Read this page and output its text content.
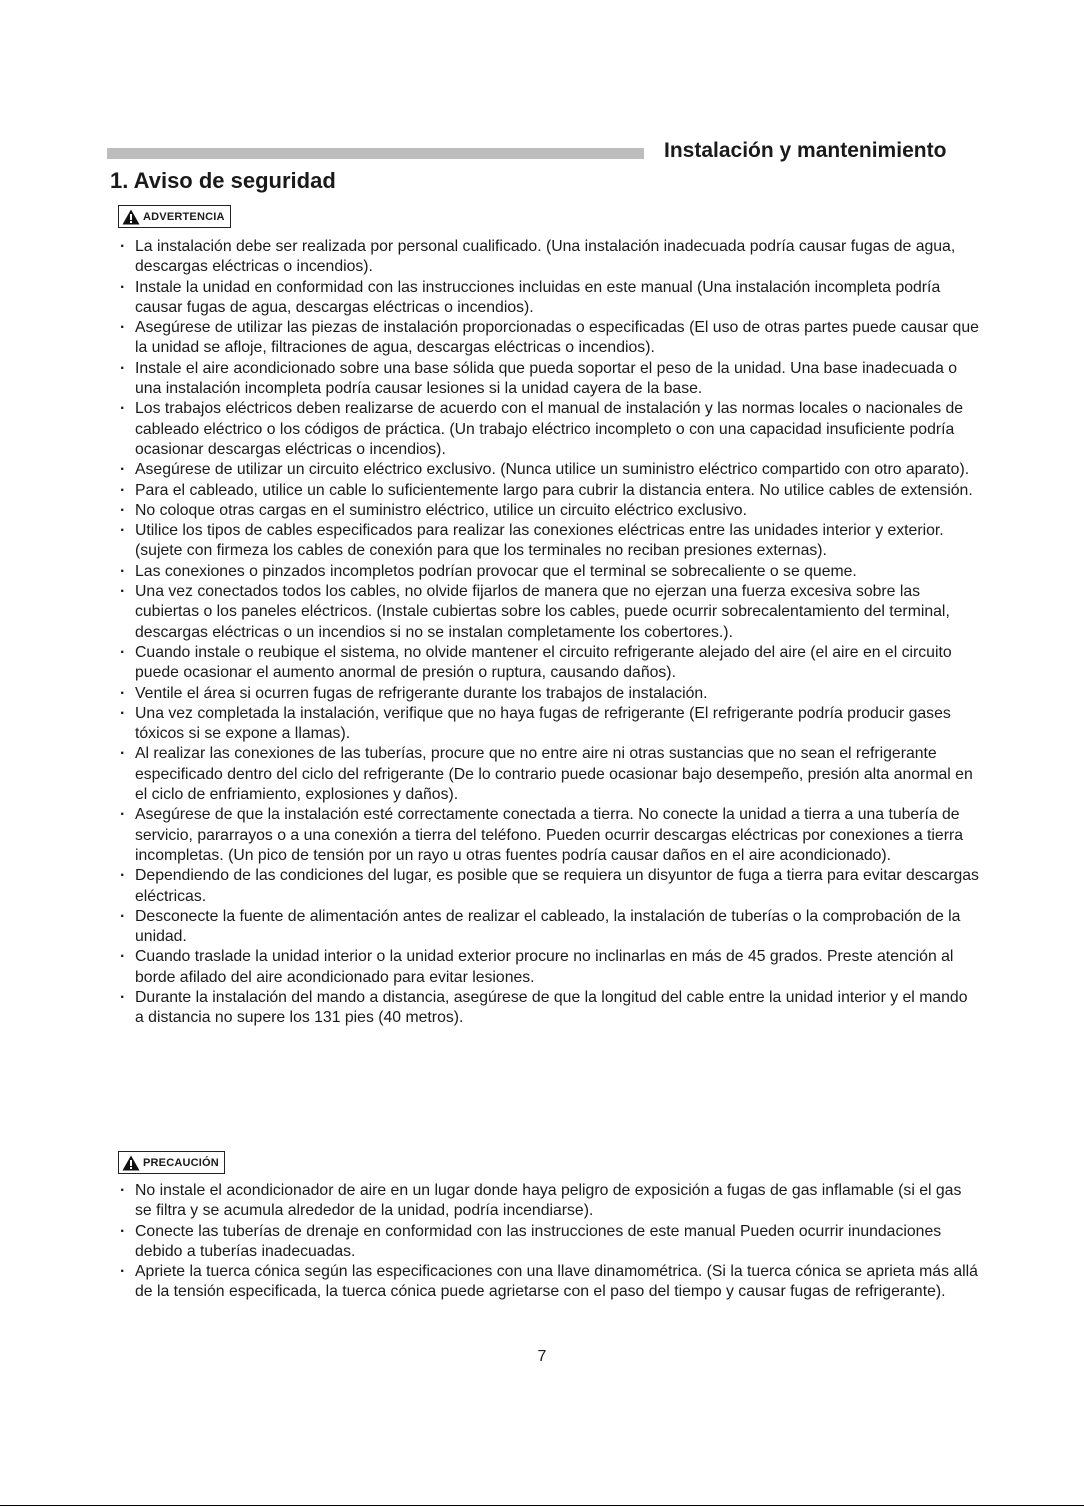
Instalación y mantenimiento
1. Aviso de seguridad
ADVERTENCIA
· La instalación debe ser realizada por personal cualificado. (Una instalación inadecuada podría causar fugas de agua, descargas eléctricas o incendios).
· Instale la unidad en conformidad con las instrucciones incluidas en este manual (Una instalación incompleta podría causar fugas de agua, descargas eléctricas o incendios).
· Asegúrese de utilizar las piezas de instalación proporcionadas o especificadas (El uso de otras partes puede causar que la unidad se afloje, filtraciones de agua, descargas eléctricas o incendios).
· Instale el aire acondicionado sobre una base sólida que pueda soportar el peso de la unidad. Una base inadecuada o una instalación incompleta podría causar lesiones si la unidad cayera de la base.
· Los trabajos eléctricos deben realizarse de acuerdo con el manual de instalación y las normas locales o nacionales de cableado eléctrico o los códigos de práctica. (Un trabajo eléctrico incompleto o con una capacidad insuficiente podría ocasionar descargas eléctricas o incendios).
· Asegúrese de utilizar un circuito eléctrico exclusivo. (Nunca utilice un suministro eléctrico compartido con otro aparato).
· Para el cableado, utilice un cable lo suficientemente largo para cubrir la distancia entera. No utilice cables de extensión.
· No coloque otras cargas en el suministro eléctrico, utilice un circuito eléctrico exclusivo.
· Utilice los tipos de cables especificados para realizar las conexiones eléctricas entre las unidades interior y exterior. (sujete con firmeza los cables de conexión para que los terminales no reciban presiones externas).
· Las conexiones o pinzados incompletos podrían provocar que el terminal se sobrecaliente o se queme.
· Una vez conectados todos los cables, no olvide fijarlos de manera que no ejerzan una fuerza excesiva sobre las cubiertas o los paneles eléctricos. (Instale cubiertas sobre los cables, puede ocurrir sobrecalentamiento del terminal, descargas eléctricas o un incendios si no se instalan completamente los cobertores.).
· Cuando instale o reubique el sistema, no olvide mantener el circuito refrigerante alejado del aire (el aire en el circuito puede ocasionar el aumento anormal de presión o ruptura, causando daños).
· Ventile el área si ocurren fugas de refrigerante durante los trabajos de instalación.
· Una vez completada la instalación, verifique que no haya fugas de refrigerante (El refrigerante podría producir gases tóxicos si se expone a llamas).
· Al realizar las conexiones de las tuberías, procure que no entre aire ni otras sustancias que no sean el refrigerante especificado dentro del ciclo del refrigerante (De lo contrario puede ocasionar bajo desempeño, presión alta anormal en el ciclo de enfriamiento, explosiones y daños).
· Asegúrese de que la instalación esté correctamente conectada a tierra. No conecte la unidad a tierra a una tubería de servicio, pararrayos o a una conexión a tierra del teléfono. Pueden ocurrir descargas eléctricas por conexiones a tierra incompletas. (Un pico de tensión por un rayo u otras fuentes podría causar daños en el aire acondicionado).
· Dependiendo de las condiciones del lugar, es posible que se requiera un disyuntor de fuga a tierra para evitar descargas eléctricas.
· Desconecte la fuente de alimentación antes de realizar el cableado, la instalación de tuberías o la comprobación de la unidad.
· Cuando traslade la unidad interior o la unidad exterior procure no inclinarlas en más de 45 grados. Preste atención al borde afilado del aire acondicionado para evitar lesiones.
· Durante la instalación del mando a distancia, asegúrese de que la longitud del cable entre la unidad interior y el mando a distancia no supere los 131 pies (40 metros).
PRECAUCIÓN
· No instale el acondicionador de aire en un lugar donde haya peligro de exposición a fugas de gas inflamable (si el gas se filtra y se acumula alrededor de la unidad, podría incendiarse).
· Conecte las tuberías de drenaje en conformidad con las instrucciones de este manual Pueden ocurrir inundaciones debido a tuberías inadecuadas.
· Apriete la tuerca cónica según las especificaciones con una llave dinamométrica. (Si la tuerca cónica se aprieta más allá de la tensión especificada, la tuerca cónica puede agrietarse con el paso del tiempo y causar fugas de refrigerante).
7
